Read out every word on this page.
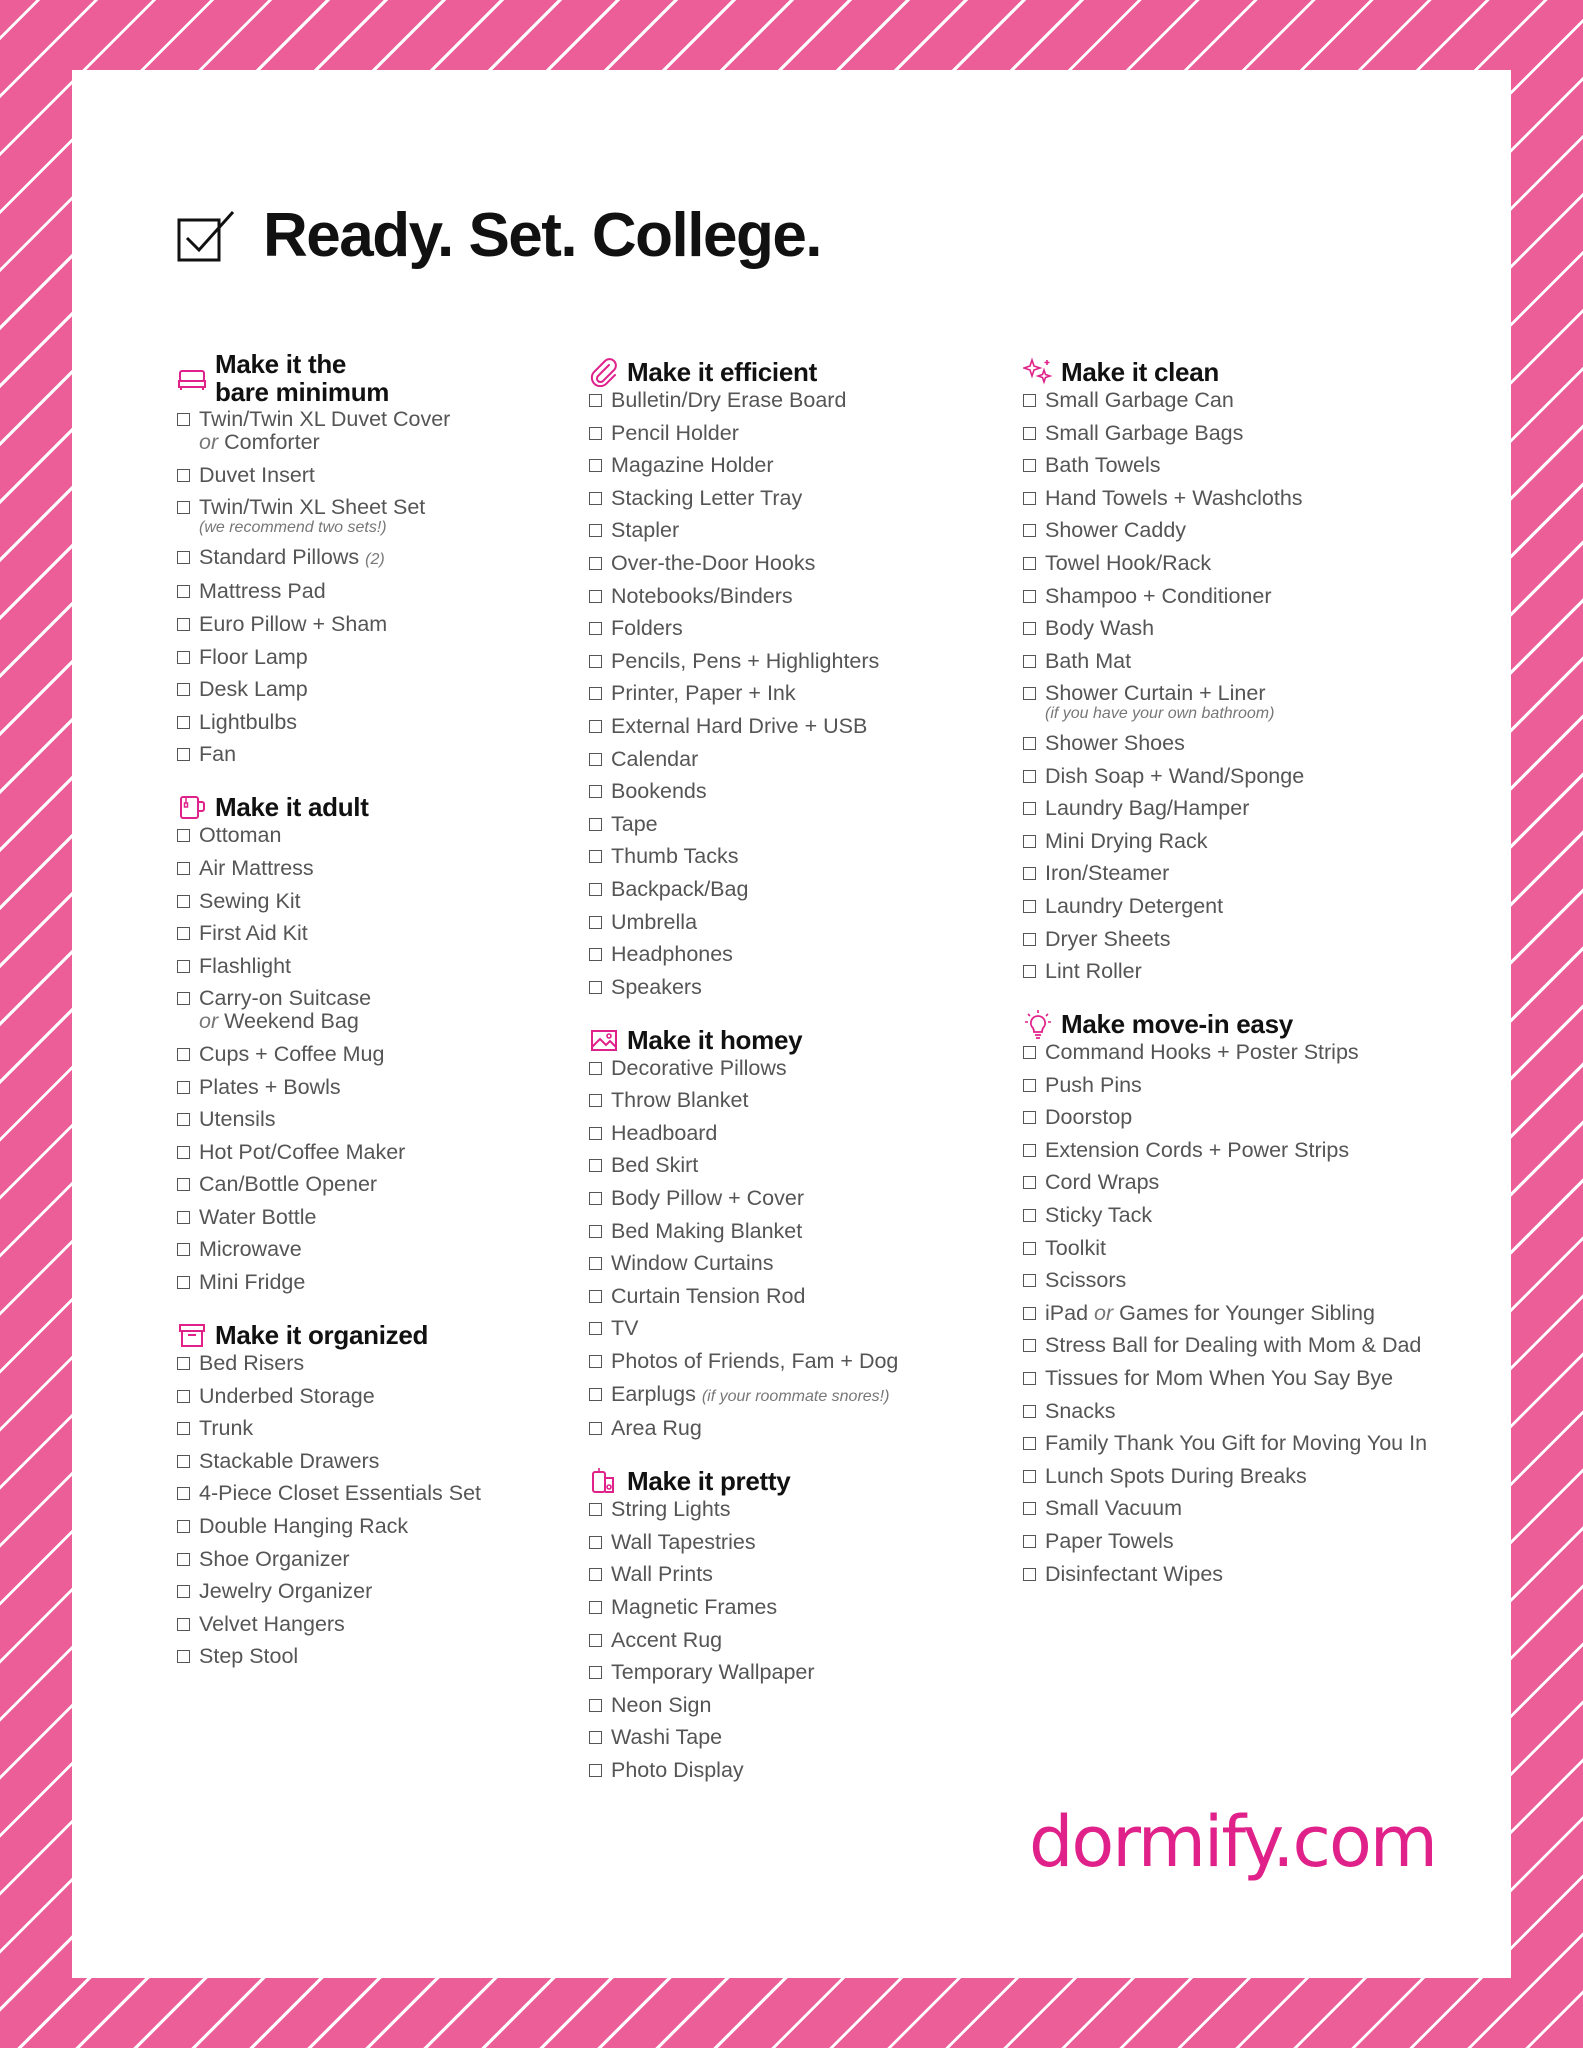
Ready. Set. College.
Make it the
bare minimum
Twin/Twin XL Duvet Cover
or Comforter
Duvet Insert
Twin/Twin XL Sheet Set
(we recommend two sets!)
Standard Pillows (2)
Mattress Pad
Euro Pillow + Sham
Floor Lamp
Desk Lamp
Lightbulbs
Fan
Make it adult
Ottoman
Air Mattress
Sewing Kit
First Aid Kit
Flashlight
Carry-on Suitcase
or Weekend Bag
Cups + Coffee Mug
Plates + Bowls
Utensils
Hot Pot/Coffee Maker
Can/Bottle Opener
Water Bottle
Microwave
Mini Fridge
Make it organized
Bed Risers
Underbed Storage
Trunk
Stackable Drawers
4-Piece Closet Essentials Set
Double Hanging Rack
Shoe Organizer
Jewelry Organizer
Velvet Hangers
Step Stool
Make it efficient
Bulletin/Dry Erase Board
Pencil Holder
Magazine Holder
Stacking Letter Tray
Stapler
Over-the-Door Hooks
Notebooks/Binders
Folders
Pencils, Pens + Highlighters
Printer, Paper + Ink
External Hard Drive + USB
Calendar
Bookends
Tape
Thumb Tacks
Backpack/Bag
Umbrella
Headphones
Speakers
Make it homey
Decorative Pillows
Throw Blanket
Headboard
Bed Skirt
Body Pillow + Cover
Bed Making Blanket
Window Curtains
Curtain Tension Rod
TV
Photos of Friends, Fam + Dog
Earplugs (if your roommate snores!)
Area Rug
Make it pretty
String Lights
Wall Tapestries
Wall Prints
Magnetic Frames
Accent Rug
Temporary Wallpaper
Neon Sign
Washi Tape
Photo Display
Make it clean
Small Garbage Can
Small Garbage Bags
Bath Towels
Hand Towels + Washcloths
Shower Caddy
Towel Hook/Rack
Shampoo + Conditioner
Body Wash
Bath Mat
Shower Curtain + Liner
(if you have your own bathroom)
Shower Shoes
Dish Soap + Wand/Sponge
Laundry Bag/Hamper
Mini Drying Rack
Iron/Steamer
Laundry Detergent
Dryer Sheets
Lint Roller
Make move-in easy
Command Hooks + Poster Strips
Push Pins
Doorstop
Extension Cords + Power Strips
Cord Wraps
Sticky Tack
Toolkit
Scissors
iPad or Games for Younger Sibling
Stress Ball for Dealing with Mom & Dad
Tissues for Mom When You Say Bye
Snacks
Family Thank You Gift for Moving You In
Lunch Spots During Breaks
Small Vacuum
Paper Towels
Disinfectant Wipes
dormify.com
